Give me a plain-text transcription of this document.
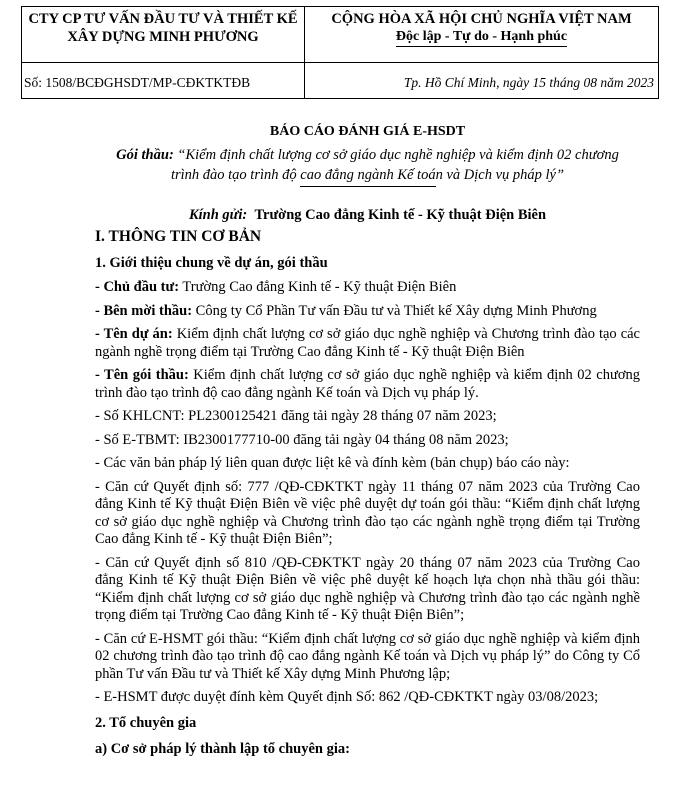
CTY CP TƯ VẤN ĐẦU TƯ VÀ THIẾT KẾ XÂY DỰNG MINH PHƯƠNG	CỘNG HÒA XÃ HỘI CHỦ NGHĨA VIỆT NAM
Độc lập - Tự do - Hạnh phúc

Số: 1508/BCĐGHSDT/MP-CĐKTKTĐB	Tp. Hồ Chí Minh, ngày 15 tháng 08 năm 2023

BÁO CÁO ĐÁNH GIÁ E-HSDT

Gói thầu: “Kiểm định chất lượng cơ sở giáo dục nghề nghiệp và kiểm định 02 chương
trình đào tạo trình độ cao đẳng ngành Kế toán và Dịch vụ pháp lý”

Kính gửi: Trường Cao đẳng Kinh tế - Kỹ thuật Điện Biên

I. THÔNG TIN CƠ BẢN

1. Giới thiệu chung về dự án, gói thầu

- Chủ đầu tư: Trường Cao đẳng Kinh tế - Kỹ thuật Điện Biên

- Bên mời thầu: Công ty Cổ Phần Tư vấn Đầu tư và Thiết kế Xây dựng Minh Phương

- Tên dự án: Kiểm định chất lượng cơ sở giáo dục nghề nghiệp và Chương trình đào tạo các ngành nghề trọng điểm tại Trường Cao đẳng Kinh tế - Kỹ thuật Điện Biên

- Tên gói thầu: Kiểm định chất lượng cơ sở giáo dục nghề nghiệp và kiểm định 02 chương trình đào tạo trình độ cao đẳng ngành Kế toán và Dịch vụ pháp lý.

- Số KHLCNT: PL2300125421 đăng tải ngày 28 tháng 07 năm 2023;

- Số E-TBMT: IB2300177710-00 đăng tải ngày 04 tháng 08 năm 2023;

- Các văn bản pháp lý liên quan được liệt kê và đính kèm (bản chụp) báo cáo này:

- Căn cứ Quyết định số: 777 /QĐ-CĐKTKT ngày 11 tháng 07 năm 2023 của Trường Cao đẳng Kinh tế Kỹ thuật Điện Biên về việc phê duyệt dự toán gói thầu: “Kiểm định chất lượng cơ sở giáo dục nghề nghiệp và Chương trình đào tạo các ngành nghề trọng điểm tại Trường Cao đẳng Kinh tế - Kỹ thuật Điện Biên”;

- Căn cứ Quyết định số 810 /QĐ-CĐKTKT ngày 20 tháng 07 năm 2023 của Trường Cao đẳng Kinh tế Kỹ thuật Điện Biên về việc phê duyệt kế hoạch lựa chọn nhà thầu gói thầu: “Kiểm định chất lượng cơ sở giáo dục nghề nghiệp và Chương trình đào tạo các ngành nghề trọng điểm tại Trường Cao đẳng Kinh tế - Kỹ thuật Điện Biên”;

- Căn cứ E-HSMT gói thầu: “Kiểm định chất lượng cơ sở giáo dục nghề nghiệp và kiểm định 02 chương trình đào tạo trình độ cao đẳng ngành Kế toán và Dịch vụ pháp lý” do Công ty Cổ phần Tư vấn Đầu tư và Thiết kế Xây dựng Minh Phương lập;

- E-HSMT được duyệt đính kèm Quyết định Số: 862 /QĐ-CĐKTKT ngày 03/08/2023;

2. Tổ chuyên gia

a) Cơ sở pháp lý thành lập tổ chuyên gia:
